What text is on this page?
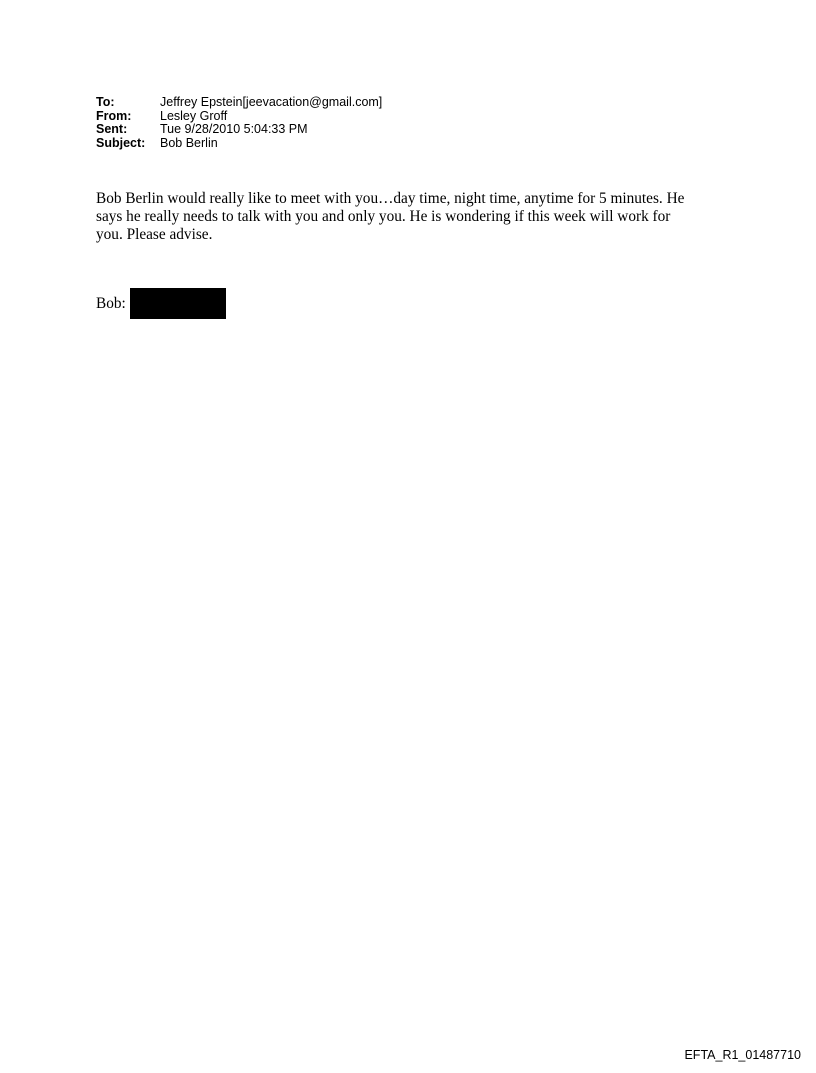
To:	Jeffrey Epstein[jeevacation@gmail.com]
From:	Lesley Groff
Sent:	Tue 9/28/2010 5:04:33 PM
Subject:	Bob Berlin
Bob Berlin would really like to meet with you…day time, night time, anytime for 5 minutes. He
says he really needs to talk with you and only you. He is wondering if this week will work for
you. Please advise.
Bob:
EFTA_R1_01487710
